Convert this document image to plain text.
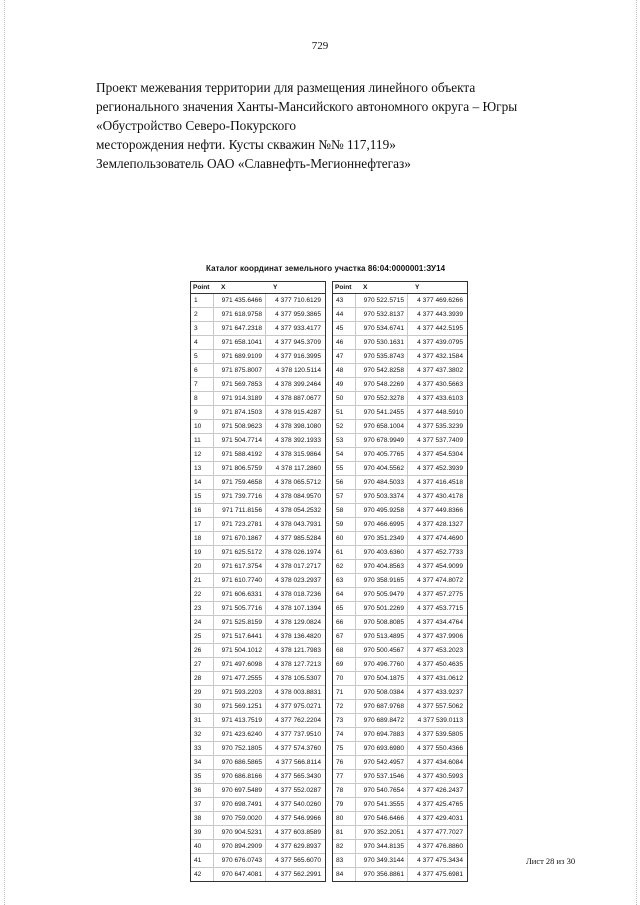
729
Проект межевания территории для размещения линейного объекта
регионального значения Ханты-Мансийского автономного округа – Югры
«Обустройство Северо-Покурского
месторождения нефти. Кусты скважин №№ 117,119»
Землепользователь ОАО «Славнефть-Мегионнефтегаз»
Каталог координат земельного участка 86:04:0000001:ЗУ14
Point	X	Y
1	971 435.6466	4 377 710.6129
2	971 618.9758	4 377 959.3865
3	971 647.2318	4 377 933.4177
4	971 658.1041	4 377 945.3709
5	971 689.9109	4 377 916.3995
6	971 875.8007	4 378 120.5114
7	971 569.7853	4 378 399.2464
8	971 914.3189	4 378 887.0677
9	971 874.1503	4 378 915.4287
10	971 508.9623	4 378 398.1080
11	971 504.7714	4 378 392.1933
12	971 588.4192	4 378 315.9864
13	971 806.5759	4 378 117.2860
14	971 759.4658	4 378 065.5712
15	971 739.7716	4 378 084.9570
16	971 711.8156	4 378 054.2532
17	971 723.2781	4 378 043.7931
18	971 670.1867	4 377 985.5284
19	971 625.5172	4 378 026.1974
20	971 617.3754	4 378 017.2717
21	971 610.7740	4 378 023.2937
22	971 606.6331	4 378 018.7236
23	971 505.7716	4 378 107.1394
24	971 525.8159	4 378 129.0824
25	971 517.6441	4 378 136.4820
26	971 504.1012	4 378 121.7983
27	971 497.6098	4 378 127.7213
28	971 477.2555	4 378 105.5307
29	971 593.2203	4 378 003.8831
30	971 569.1251	4 377 975.0271
31	971 413.7519	4 377 762.2204
32	971 423.6240	4 377 737.9510
33	970 752.1805	4 377 574.3760
34	970 686.5865	4 377 566.8114
35	970 686.8166	4 377 565.3430
36	970 697.5489	4 377 552.0287
37	970 698.7491	4 377 540.0260
38	970 759.0020	4 377 546.9966
39	970 904.5231	4 377 603.8589
40	970 894.2909	4 377 629.8937
41	970 676.0743	4 377 565.6070
42	970 647.4081	4 377 562.2991
Point	X	Y
43	970 522.5715	4 377 469.6266
44	970 532.8137	4 377 443.3939
45	970 534.6741	4 377 442.5195
46	970 530.1631	4 377 439.0795
47	970 535.8743	4 377 432.1584
48	970 542.8258	4 377 437.3802
49	970 548.2269	4 377 430.5663
50	970 552.3278	4 377 433.6103
51	970 541.2455	4 377 448.5910
52	970 658.1004	4 377 535.3239
53	970 678.9949	4 377 537.7409
54	970 405.7765	4 377 454.5304
55	970 404.5562	4 377 452.3939
56	970 484.5033	4 377 416.4518
57	970 503.3374	4 377 430.4178
58	970 495.9258	4 377 449.8366
59	970 466.6995	4 377 428.1327
60	970 351.2349	4 377 474.4690
61	970 403.6360	4 377 452.7733
62	970 404.8563	4 377 454.9099
63	970 358.9165	4 377 474.8072
64	970 505.9479	4 377 457.2775
65	970 501.2269	4 377 453.7715
66	970 508.8085	4 377 434.4764
67	970 513.4895	4 377 437.9906
68	970 500.4567	4 377 453.2023
69	970 496.7760	4 377 450.4635
70	970 504.1875	4 377 431.0612
71	970 508.0384	4 377 433.9237
72	970 687.9768	4 377 557.5062
73	970 689.8472	4 377 539.0113
74	970 694.7883	4 377 539.5805
75	970 693.6980	4 377 550.4366
76	970 542.4957	4 377 434.6084
77	970 537.1546	4 377 430.5993
78	970 540.7654	4 377 426.2437
79	970 541.3555	4 377 425.4765
80	970 546.6466	4 377 429.4031
81	970 352.2051	4 377 477.7027
82	970 344.8135	4 377 476.8860
83	970 349.3144	4 377 475.3434
84	970 356.8861	4 377 475.6981
Лист 28 из 30
